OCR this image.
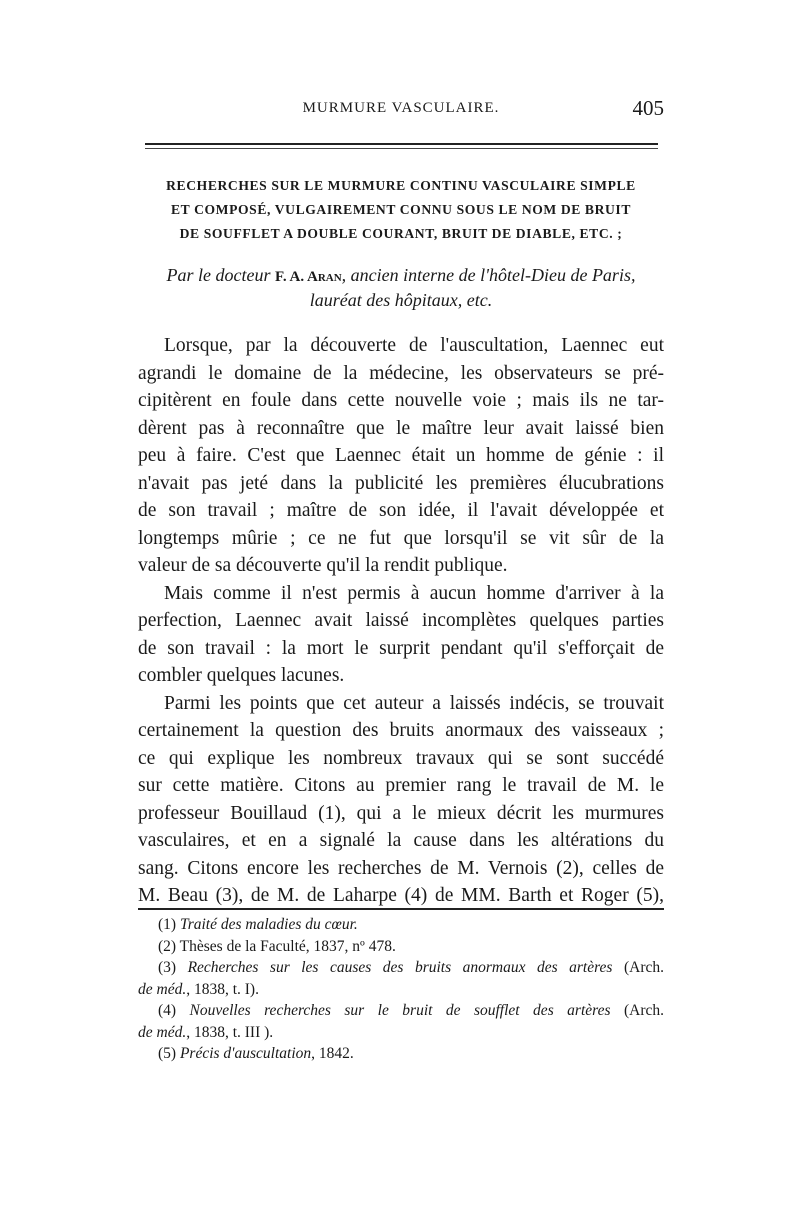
MURMURE VASCULAIRE.	405
RECHERCHES SUR LE MURMURE CONTINU VASCULAIRE SIMPLE
ET COMPOSÉ, VULGAIREMENT CONNU SOUS LE NOM DE BRUIT
DE SOUFFLET A DOUBLE COURANT, BRUIT DE DIABLE, ETC. ;
Par le docteur F. A. Aran, ancien interne de l'hôtel-Dieu de Paris,
lauréat des hôpitaux, etc.
Lorsque, par la découverte de l'auscultation, Laennec eut
agrandi le domaine de la médecine, les observateurs se pré-
cipitèrent en foule dans cette nouvelle voie ; mais ils ne tar-
dèrent pas à reconnaître que le maître leur avait laissé bien
peu à faire. C'est que Laennec était un homme de génie : il
n'avait pas jeté dans la publicité les premières élucubrations
de son travail ; maître de son idée, il l'avait développée et
longtemps mûrie ; ce ne fut que lorsqu'il se vit sûr de la
valeur de sa découverte qu'il la rendit publique.
Mais comme il n'est permis à aucun homme d'arriver à la
perfection, Laennec avait laissé incomplètes quelques parties
de son travail : la mort le surprit pendant qu'il s'efforçait de
combler quelques lacunes.
Parmi les points que cet auteur a laissés indécis, se trouvait
certainement la question des bruits anormaux des vaisseaux ;
ce qui explique les nombreux travaux qui se sont succédé
sur cette matière. Citons au premier rang le travail de M. le
professeur Bouillaud (1), qui a le mieux décrit les murmures
vasculaires, et en a signalé la cause dans les altérations du
sang. Citons encore les recherches de M. Vernois (2), celles de
M. Beau (3), de M. de Laharpe (4) de MM. Barth et Roger (5),
(1) Traité des maladies du cœur.
(2) Thèses de la Faculté, 1837, nº 478.
(3) Recherches sur les causes des bruits anormaux des artères (Arch.
de méd., 1838, t. I).
(4) Nouvelles recherches sur le bruit de soufflet des artères (Arch.
de méd., 1838, t. III ).
(5) Précis d'auscultation, 1842.
